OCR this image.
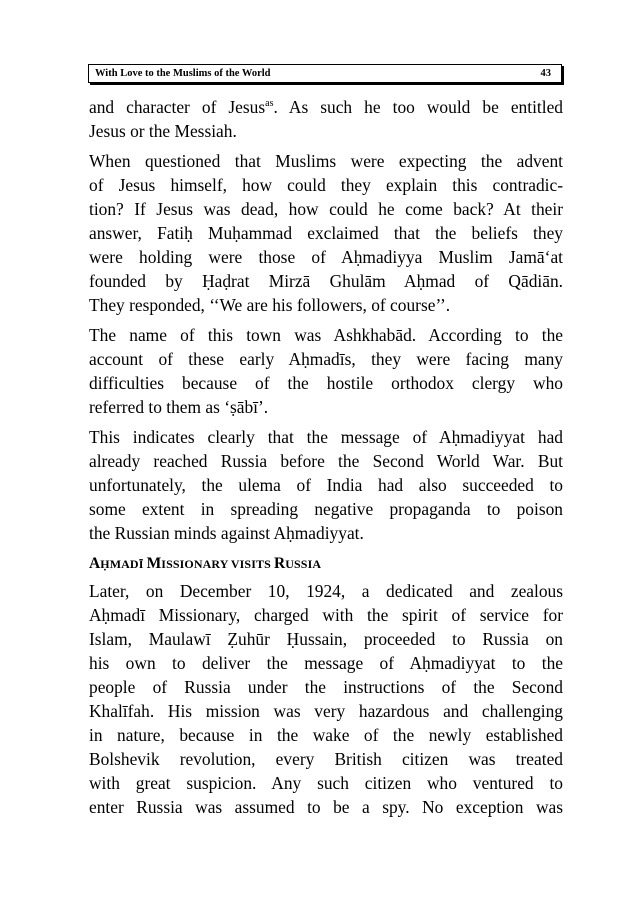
With Love to the Muslims of the World	43
and character of Jesus$^{as}$. As such he too would be entitled
Jesus or the Messiah.
When questioned that Muslims were expecting the advent
of Jesus himself, how could they explain this contradic-
tion? If Jesus was dead, how could he come back? At their
answer, Fatiḥ Muḥammad exclaimed that the beliefs they
were holding were those of Aḥmadiyya Muslim Jamā‘at
founded by Ḥaḍrat Mirzā Ghulām Aḥmad of Qādiān.
They responded, ‘‘We are his followers, of course’’.
The name of this town was Ashkhabād. According to the
account of these early Aḥmadīs, they were facing many
difficulties because of the hostile orthodox clergy who
referred to them as ‘ṣābī’.
This indicates clearly that the message of Aḥmadiyyat had
already reached Russia before the Second World War. But
unfortunately, the ulema of India had also succeeded to
some extent in spreading negative propaganda to poison
the Russian minds against Aḥmadiyyat.
AḤMADĪ MISSIONARY VISITS RUSSIA
Later, on December 10, 1924, a dedicated and zealous
Aḥmadī Missionary, charged with the spirit of service for
Islam, Maulawī Ẓuhūr Ḥussain, proceeded to Russia on
his own to deliver the message of Aḥmadiyyat to the
people of Russia under the instructions of the Second
Khalīfah. His mission was very hazardous and challenging
in nature, because in the wake of the newly established
Bolshevik revolution, every British citizen was treated
with great suspicion. Any such citizen who ventured to
enter Russia was assumed to be a spy. No exception was
